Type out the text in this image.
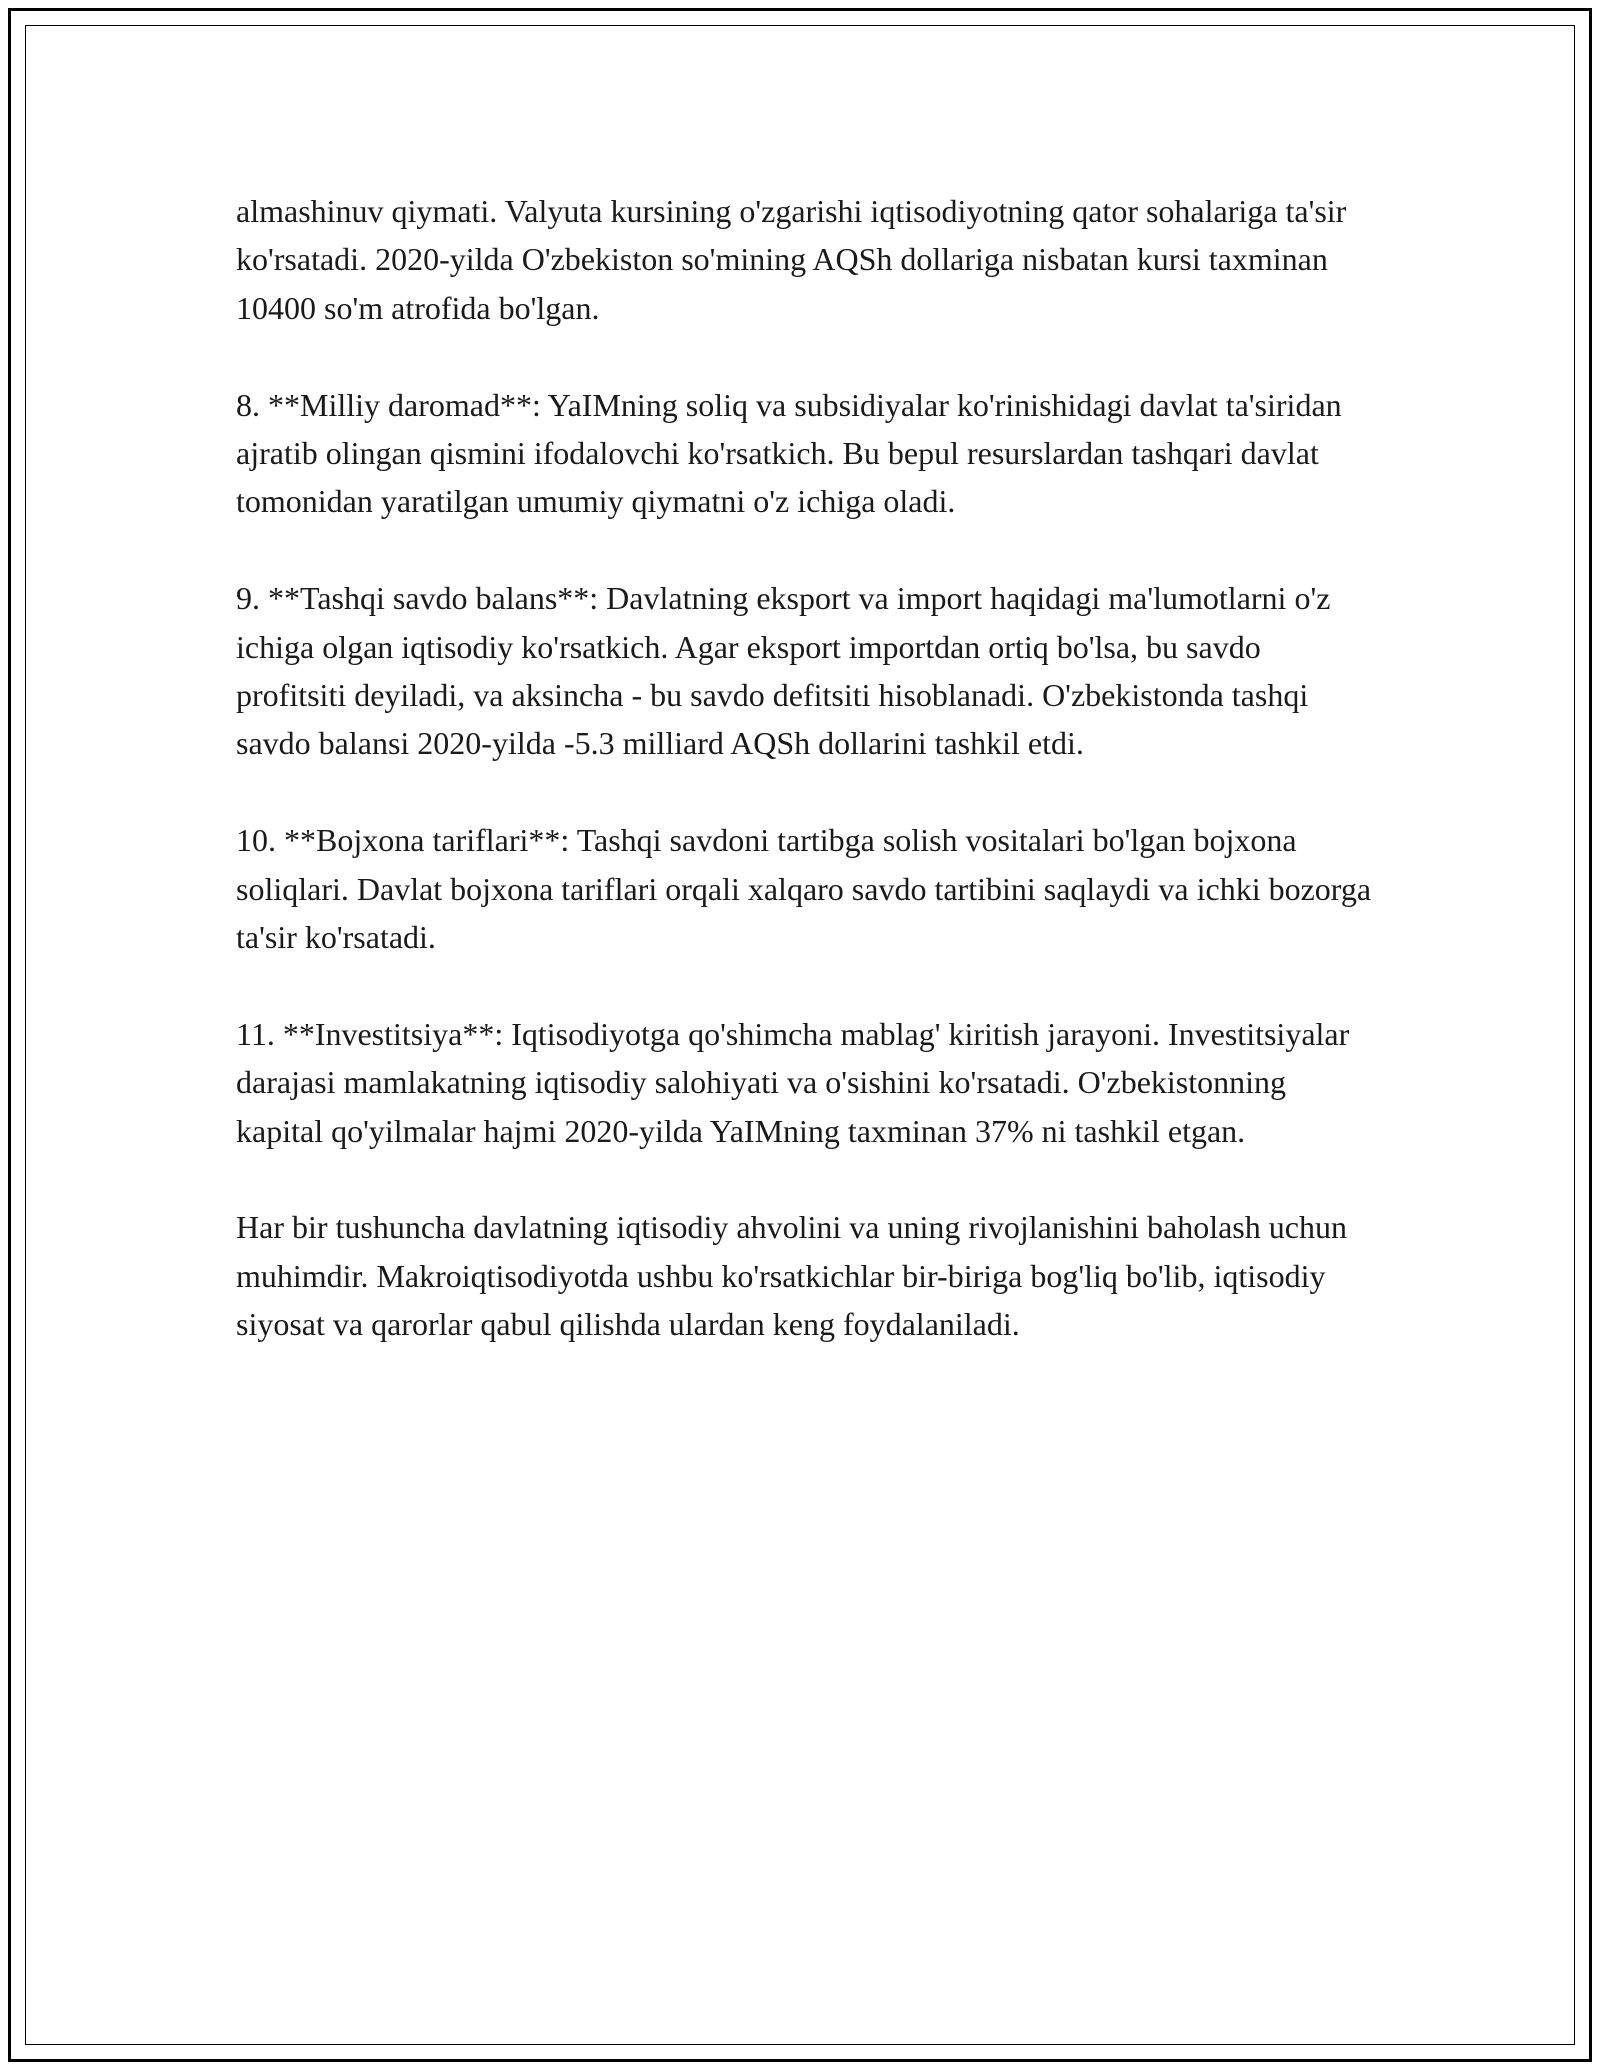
almashinuv qiymati. Valyuta kursining o'zgarishi iqtisodiyotning qator sohalariga ta'sir ko'rsatadi. 2020-yilda O'zbekiston so'mining AQSh dollariga nisbatan kursi taxminan 10400 so'm atrofida bo'lgan.

8. **Milliy daromad**: YaIMning soliq va subsidiyalar ko'rinishidagi davlat ta'siridan ajratib olingan qismini ifodalovchi ko'rsatkich. Bu bepul resurslardan tashqari davlat tomonidan yaratilgan umumiy qiymatni o'z ichiga oladi.

9. **Tashqi savdo balans**: Davlatning eksport va import haqidagi ma'lumotlarni o'z ichiga olgan iqtisodiy ko'rsatkich. Agar eksport importdan ortiq bo'lsa, bu savdo profitsiti deyiladi, va aksincha - bu savdo defitsiti hisoblanadi. O'zbekistonda tashqi savdo balansi 2020-yilda -5.3 milliard AQSh dollarini tashkil etdi.

10. **Bojxona tariflari**: Tashqi savdoni tartibga solish vositalari bo'lgan bojxona soliqlari. Davlat bojxona tariflari orqali xalqaro savdo tartibini saqlaydi va ichki bozorga ta'sir ko'rsatadi.

11. **Investitsiya**: Iqtisodiyotga qo'shimcha mablag' kiritish jarayoni. Investitsiyalar darajasi mamlakatning iqtisodiy salohiyati va o'sishini ko'rsatadi. O'zbekistonning kapital qo'yilmalar hajmi 2020-yilda YaIMning taxminan 37% ni tashkil etgan.

Har bir tushuncha davlatning iqtisodiy ahvolini va uning rivojlanishini baholash uchun muhimdir. Makroiqtisodiyotda ushbu ko'rsatkichlar bir-biriga bog'liq bo'lib, iqtisodiy siyosat va qarorlar qabul qilishda ulardan keng foydalaniladi.
